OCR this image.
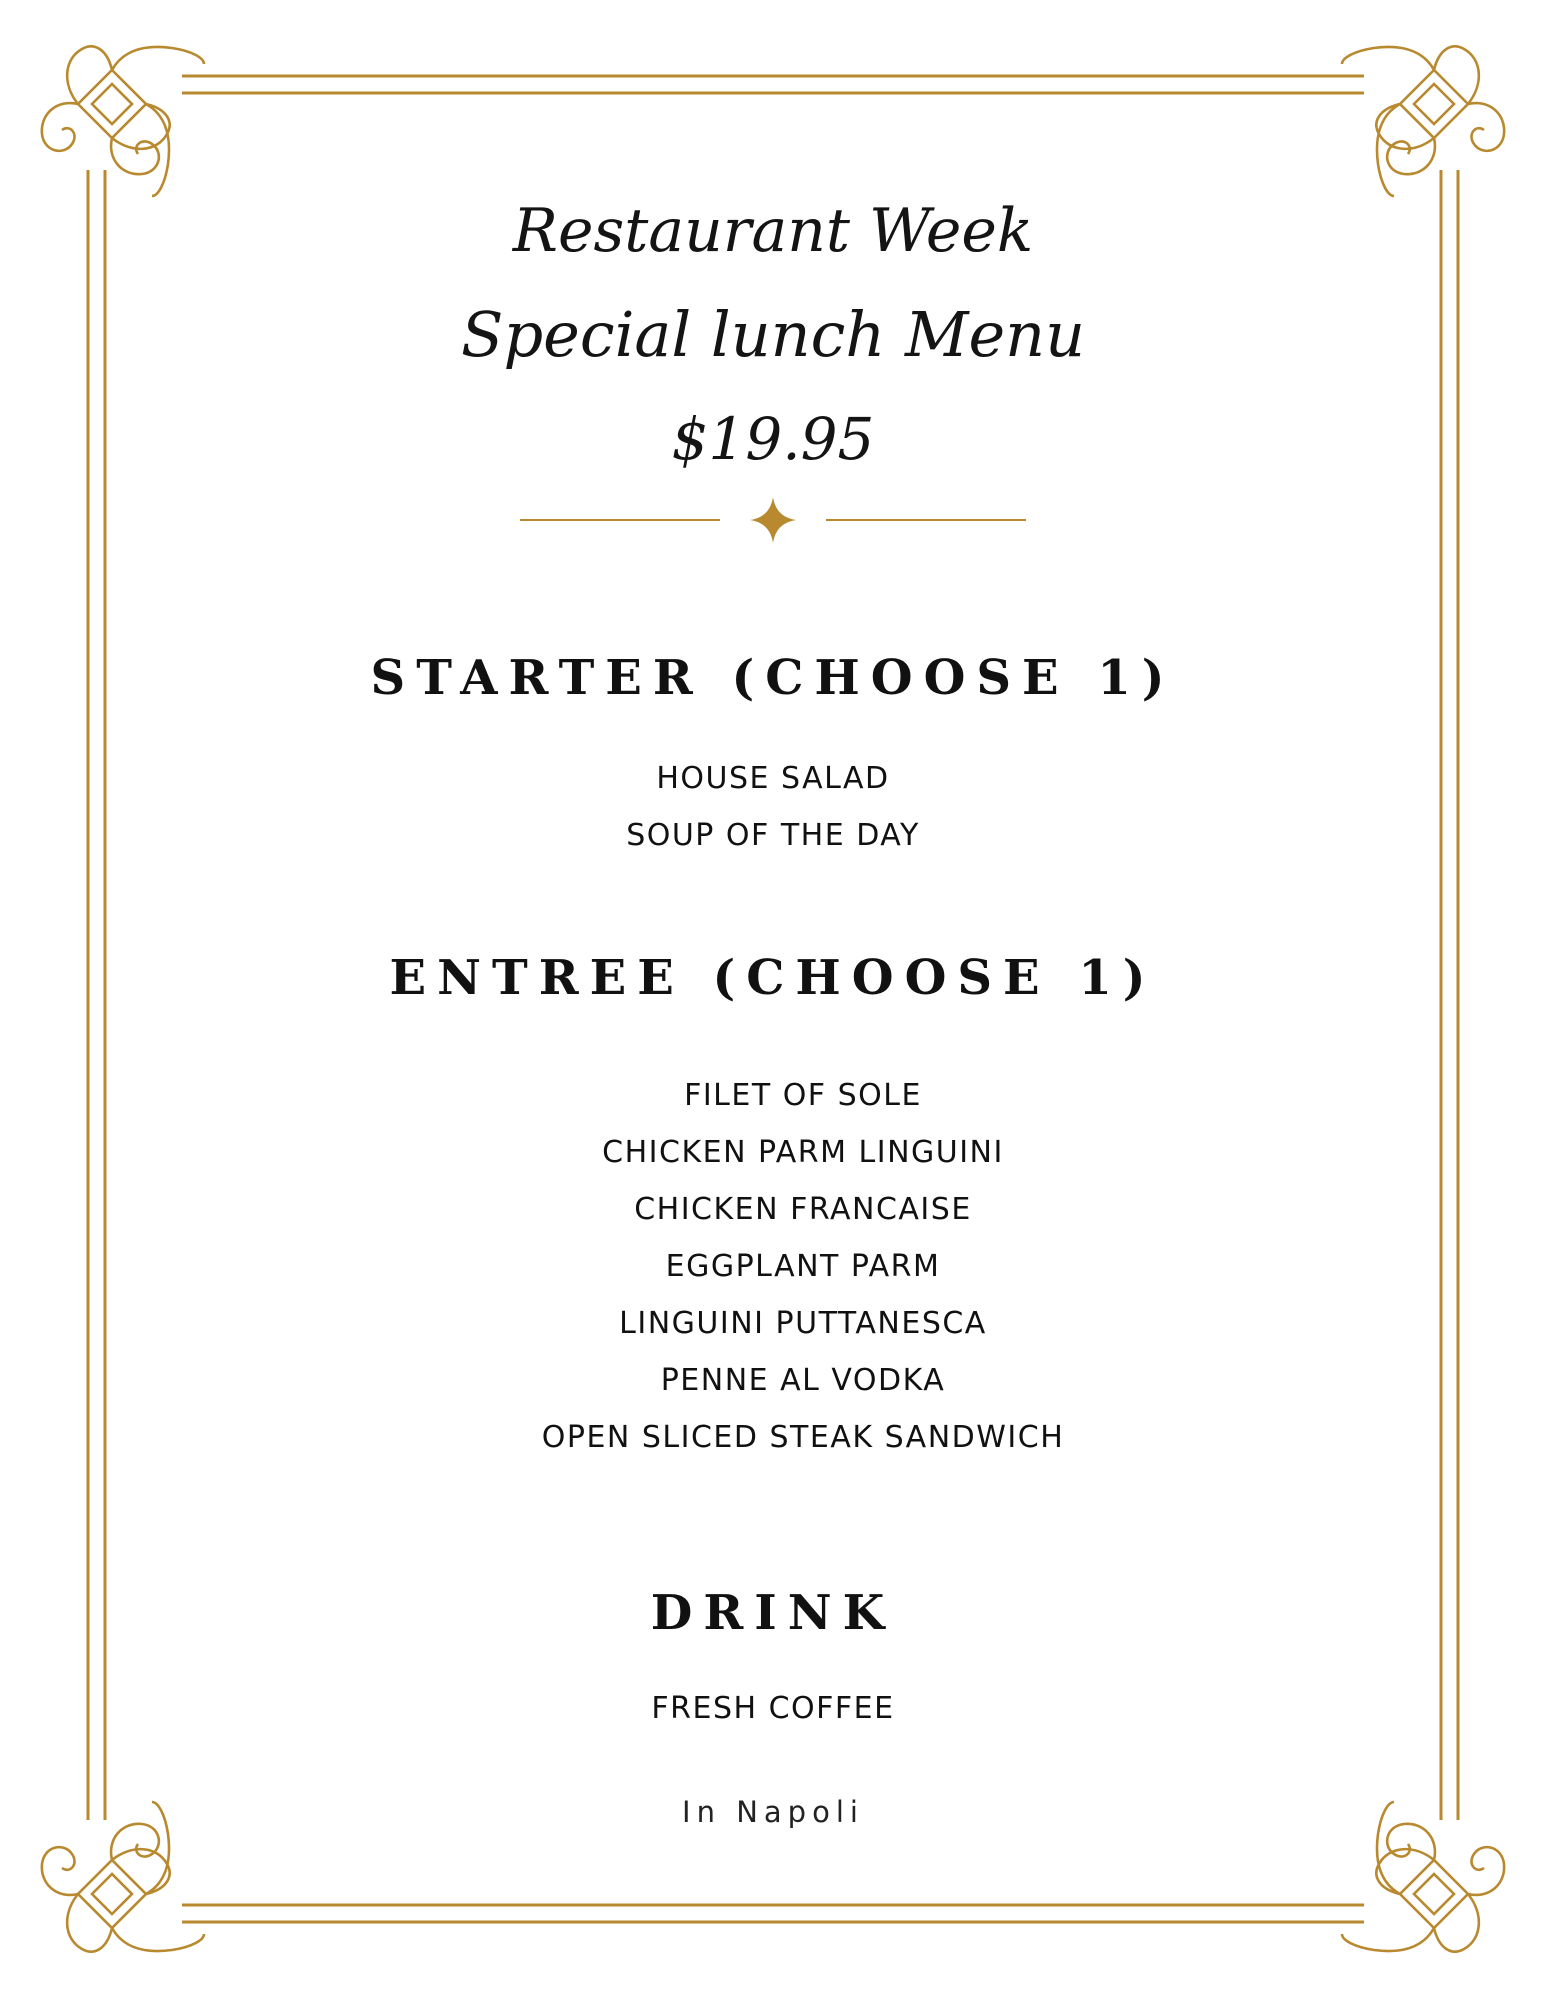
Restaurant Week
Special lunch Menu
$19.95
STARTER (CHOOSE 1)
HOUSE SALAD
SOUP OF THE DAY
ENTREE (CHOOSE 1)
FILET OF SOLE
CHICKEN PARM LINGUINI
CHICKEN FRANCAISE
EGGPLANT PARM
LINGUINI PUTTANESCA
PENNE AL VODKA
OPEN SLICED STEAK SANDWICH
DRINK
FRESH COFFEE
In Napoli
